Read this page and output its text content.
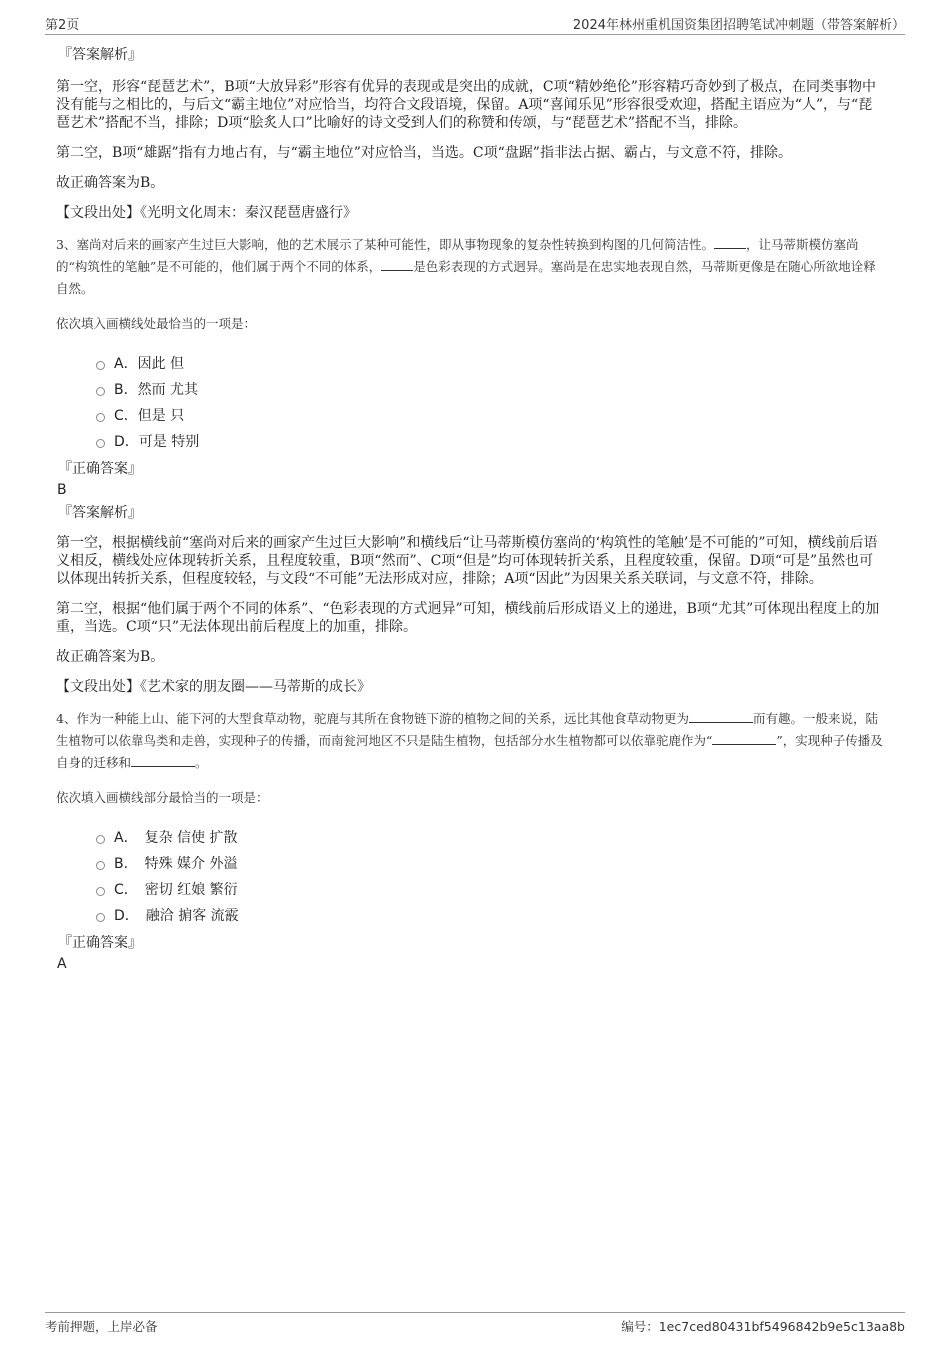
第2页	2024年林州重机国资集团招聘笔试冲刺题（带答案解析）
『答案解析』

第一空，形容“琵琶艺术”，B项“大放异彩”形容有优异的表现或是突出的成就，C项“精妙绝伦”形容精巧奇妙到了极点，在同类事物中没有能与之相比的，与后文“霸主地位”对应恰当，均符合文段语境，保留。A项“喜闻乐见”形容很受欢迎，搭配主语应为“人”，与“琵琶艺术”搭配不当，排除；D项“脍炙人口”比喻好的诗文受到人们的称赞和传颂，与“琵琶艺术”搭配不当，排除。

第二空，B项“雄踞”指有力地占有，与“霸主地位”对应恰当，当选。C项“盘踞”指非法占据、霸占，与文意不符，排除。

故正确答案为B。

【文段出处】《光明文化周末：秦汉琵琶唐盛行》

3、塞尚对后来的画家产生过巨大影响，他的艺术展示了某种可能性，即从事物现象的复杂性转换到构图的几何简洁性。	，让马蒂斯模仿塞尚的“构筑性的笔触”是不可能的，他们属于两个不同的体系，	是色彩表现的方式迥异。塞尚是在忠实地表现自然，马蒂斯更像是在随心所欲地诠释自然。
依次填入画横线处最恰当的一项是：
A．因此 但
B．然而 尤其
C．但是 只
D．可是 特别
『正确答案』
B
『答案解析』

第一空，根据横线前“塞尚对后来的画家产生过巨大影响”和横线后“让马蒂斯模仿塞尚的‘构筑性的笔触’是不可能的”可知，横线前后语义相反，横线处应体现转折关系，且程度较重，B项“然而”、C项“但是”均可体现转折关系，且程度较重，保留。D项“可是”虽然也可以体现出转折关系，但程度较轻，与文段“不可能”无法形成对应，排除；A项“因此”为因果关系关联词，与文意不符，排除。

第二空，根据“他们属于两个不同的体系”、“色彩表现的方式迥异”可知，横线前后形成语义上的递进，B项“尤其”可体现出程度上的加重，当选。C项“只”无法体现出前后程度上的加重，排除。

故正确答案为B。

【文段出处】《艺术家的朋友圈——马蒂斯的成长》

4、作为一种能上山、能下河的大型食草动物，驼鹿与其所在食物链下游的植物之间的关系，远比其他食草动物更为	而有趣。一般来说，陆生植物可以依靠鸟类和走兽，实现种子的传播，而南瓮河地区不只是陆生植物，包括部分水生植物都可以依靠驼鹿作为“	”，实现种子传播及自身的迁移和	。
依次填入画横线部分最恰当的一项是：
A．　复杂 信使 扩散
B．　特殊 媒介 外溢
C．　密切 红娘 繁衍
D．　融洽 掮客 流霰
『正确答案』
A
考前押题，上岸必备	编号：1ec7ced80431bf5496842b9e5c13aa8b
